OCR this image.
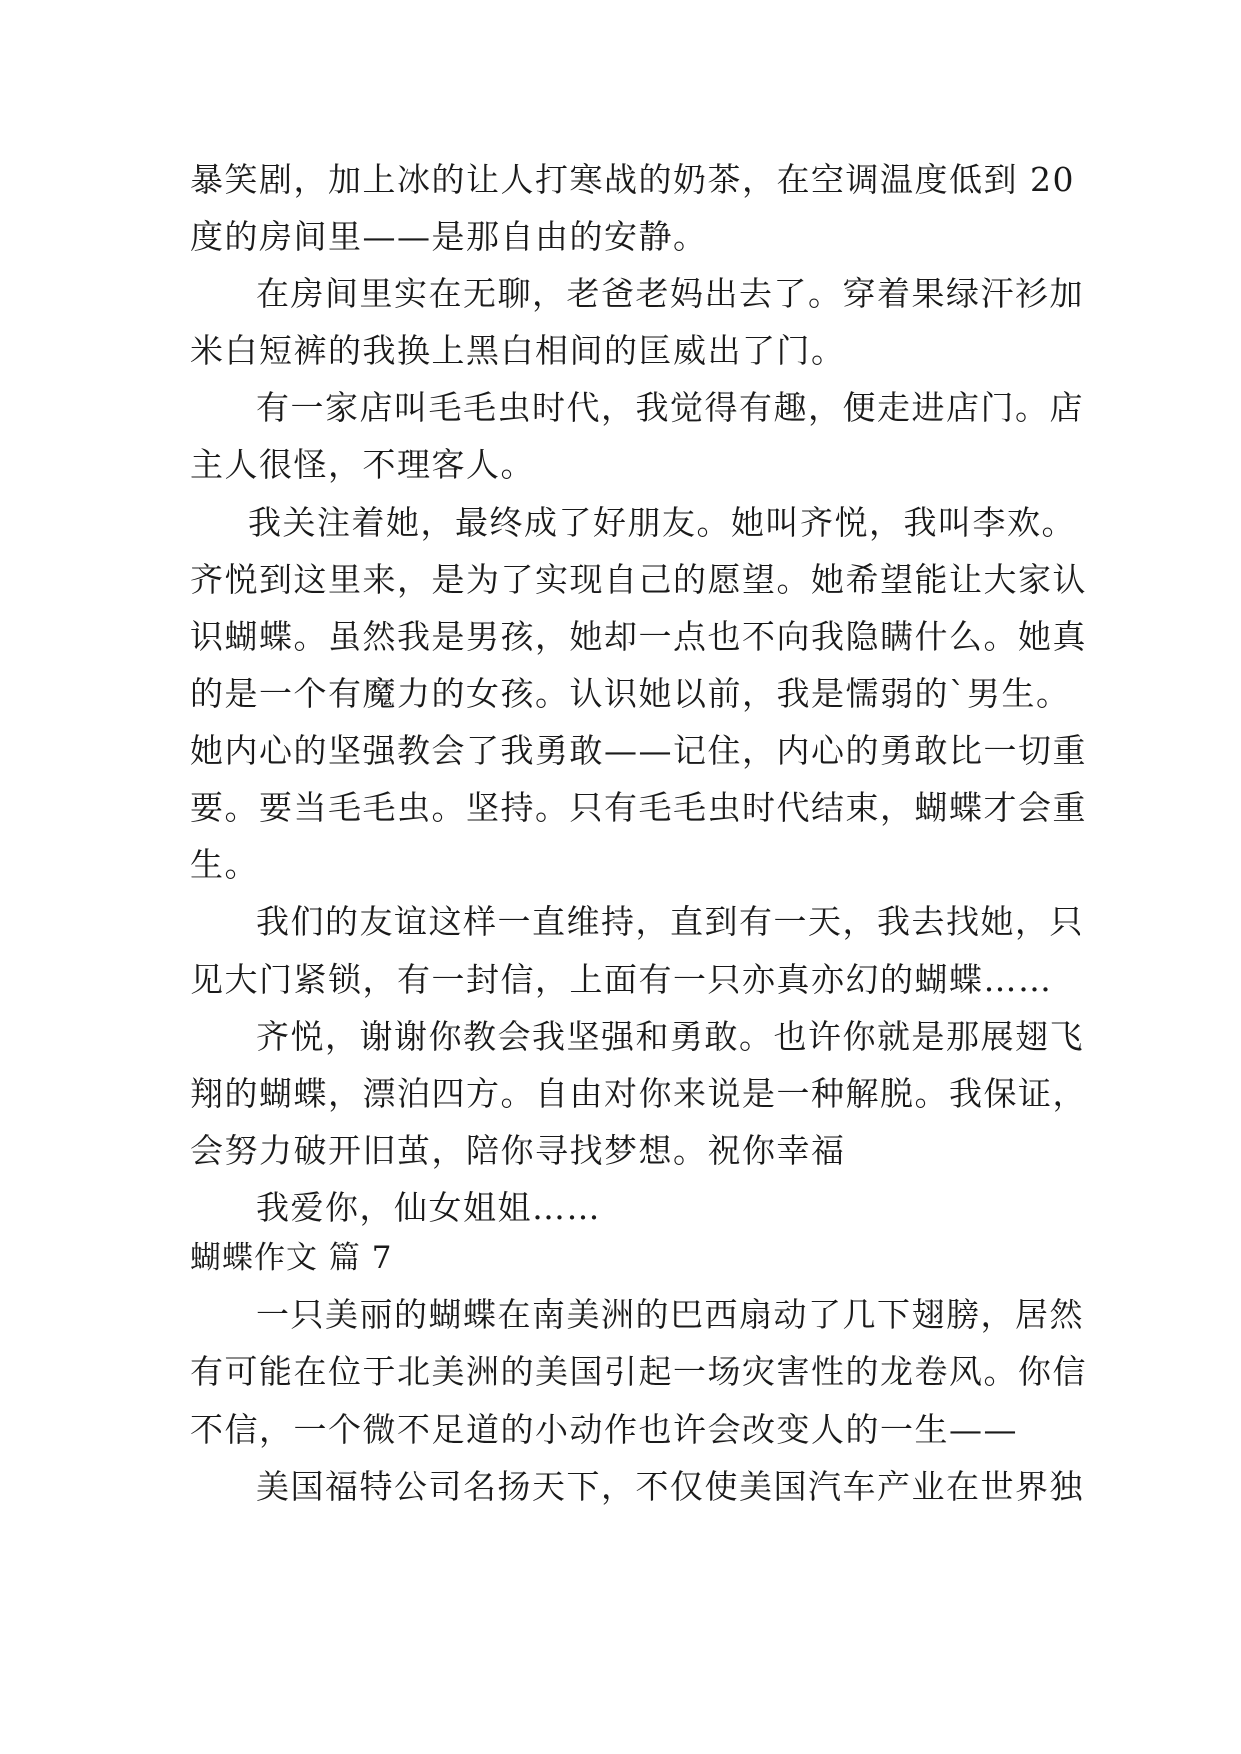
暴笑剧，加上冰的让人打寒战的奶茶，在空调温度低到 20
度的房间里——是那自由的安静。
在房间里实在无聊，老爸老妈出去了。穿着果绿汗衫加
米白短裤的我换上黑白相间的匡威出了门。
有一家店叫毛毛虫时代，我觉得有趣，便走进店门。店
主人很怪，不理客人。
我关注着她，最终成了好朋友。她叫齐悦，我叫李欢。
齐悦到这里来，是为了实现自己的愿望。她希望能让大家认
识蝴蝶。虽然我是男孩，她却一点也不向我隐瞒什么。她真
的是一个有魔力的女孩。认识她以前，我是懦弱的`男生。
她内心的坚强教会了我勇敢——记住，内心的勇敢比一切重
要。要当毛毛虫。坚持。只有毛毛虫时代结束，蝴蝶才会重
生。
我们的友谊这样一直维持，直到有一天，我去找她，只
见大门紧锁，有一封信，上面有一只亦真亦幻的蝴蝶……
齐悦，谢谢你教会我坚强和勇敢。也许你就是那展翅飞
翔的蝴蝶，漂泊四方。自由对你来说是一种解脱。我保证，
会努力破开旧茧，陪你寻找梦想。祝你幸福
我爱你，仙女姐姐……
蝴蝶作文 篇 7
一只美丽的蝴蝶在南美洲的巴西扇动了几下翅膀，居然
有可能在位于北美洲的美国引起一场灾害性的龙卷风。你信
不信，一个微不足道的小动作也许会改变人的一生——
美国福特公司名扬天下，不仅使美国汽车产业在世界独
